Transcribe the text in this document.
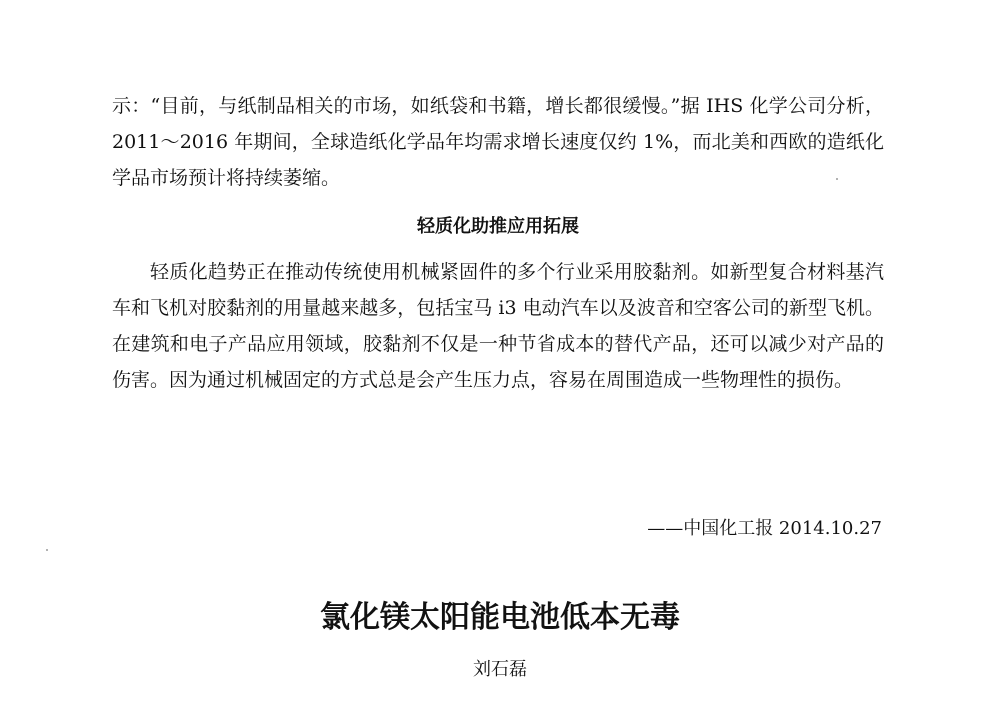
示：“目前，与纸制品相关的市场，如纸袋和书籍，增长都很缓慢。”据 IHS 化学公司分析，2011～2016 年期间，全球造纸化学品年均需求增长速度仅约 1%，而北美和西欧的造纸化学品市场预计将持续萎缩。

轻质化助推应用拓展

轻质化趋势正在推动传统使用机械紧固件的多个行业采用胶黏剂。如新型复合材料基汽车和飞机对胶黏剂的用量越来越多，包括宝马 i3 电动汽车以及波音和空客公司的新型飞机。在建筑和电子产品应用领域，胶黏剂不仅是一种节省成本的替代产品，还可以减少对产品的伤害。因为通过机械固定的方式总是会产生压力点，容易在周围造成一些物理性的损伤。

——中国化工报 2014.10.27

氯化镁太阳能电池低本无毒

刘石磊
